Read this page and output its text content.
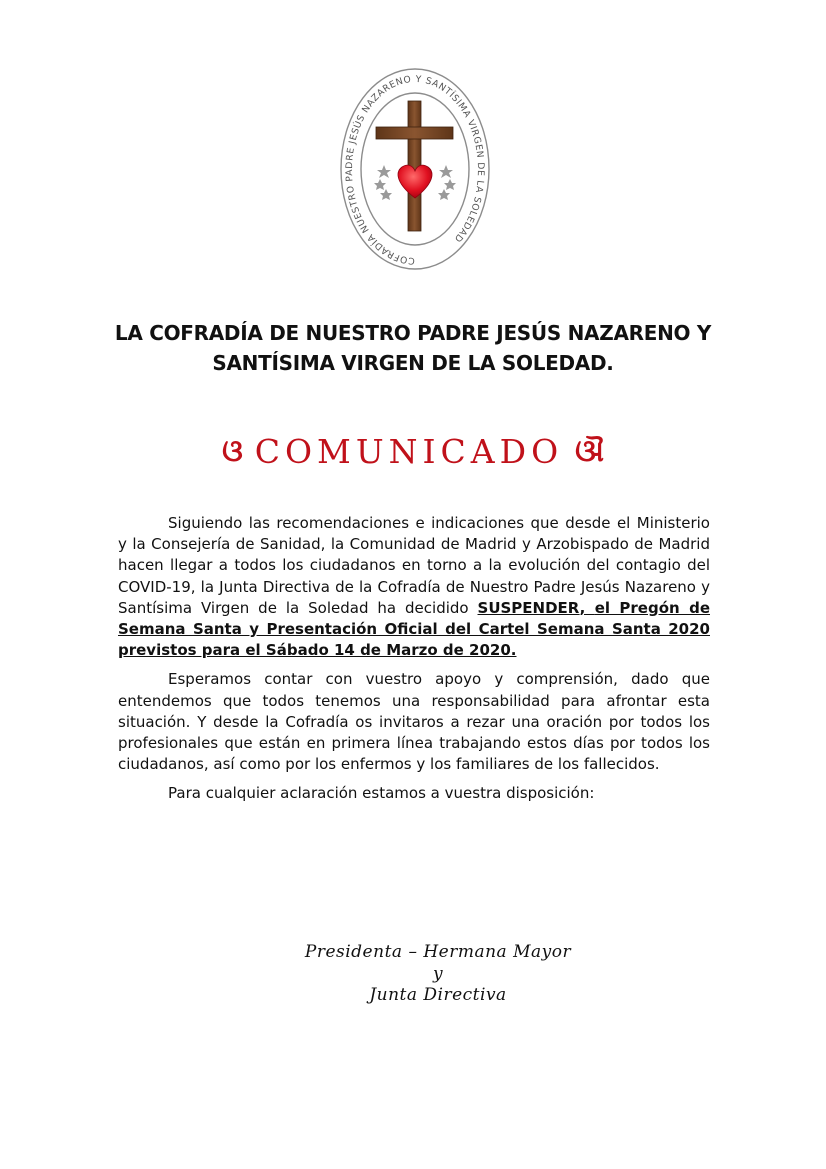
COFRADÍA NUESTRO PADRE JESÚS NAZARENO Y SANTÍSIMA VIRGEN DE LA SOLEDAD
LA COFRADÍA DE NUESTRO PADRE JESÚS NAZARENO Y
SANTÍSIMA VIRGEN DE LA SOLEDAD.
ଓ COMUNICADO ଔ

Siguiendo las recomendaciones e indicaciones que desde el Ministerio y la Consejería de Sanidad, la Comunidad de Madrid y Arzobispado de Madrid hacen llegar a todos los ciudadanos en torno a la evolución del contagio del COVID-19, la Junta Directiva de la Cofradía de Nuestro Padre Jesús Nazareno y Santísima Virgen de la Soledad ha decidido SUSPENDER, el Pregón de Semana Santa y Presentación Oficial del Cartel Semana Santa 2020 previstos para el Sábado 14 de Marzo de 2020.

Esperamos contar con vuestro apoyo y comprensión, dado que entendemos que todos tenemos una responsabilidad para afrontar esta situación. Y desde la Cofradía os invitaros a rezar una oración por todos los profesionales que están en primera línea trabajando estos días por todos los ciudadanos, así como por los enfermos y los familiares de los fallecidos.

Para cualquier aclaración estamos a vuestra disposición:

Presidenta – Hermana Mayor
y
Junta Directiva
